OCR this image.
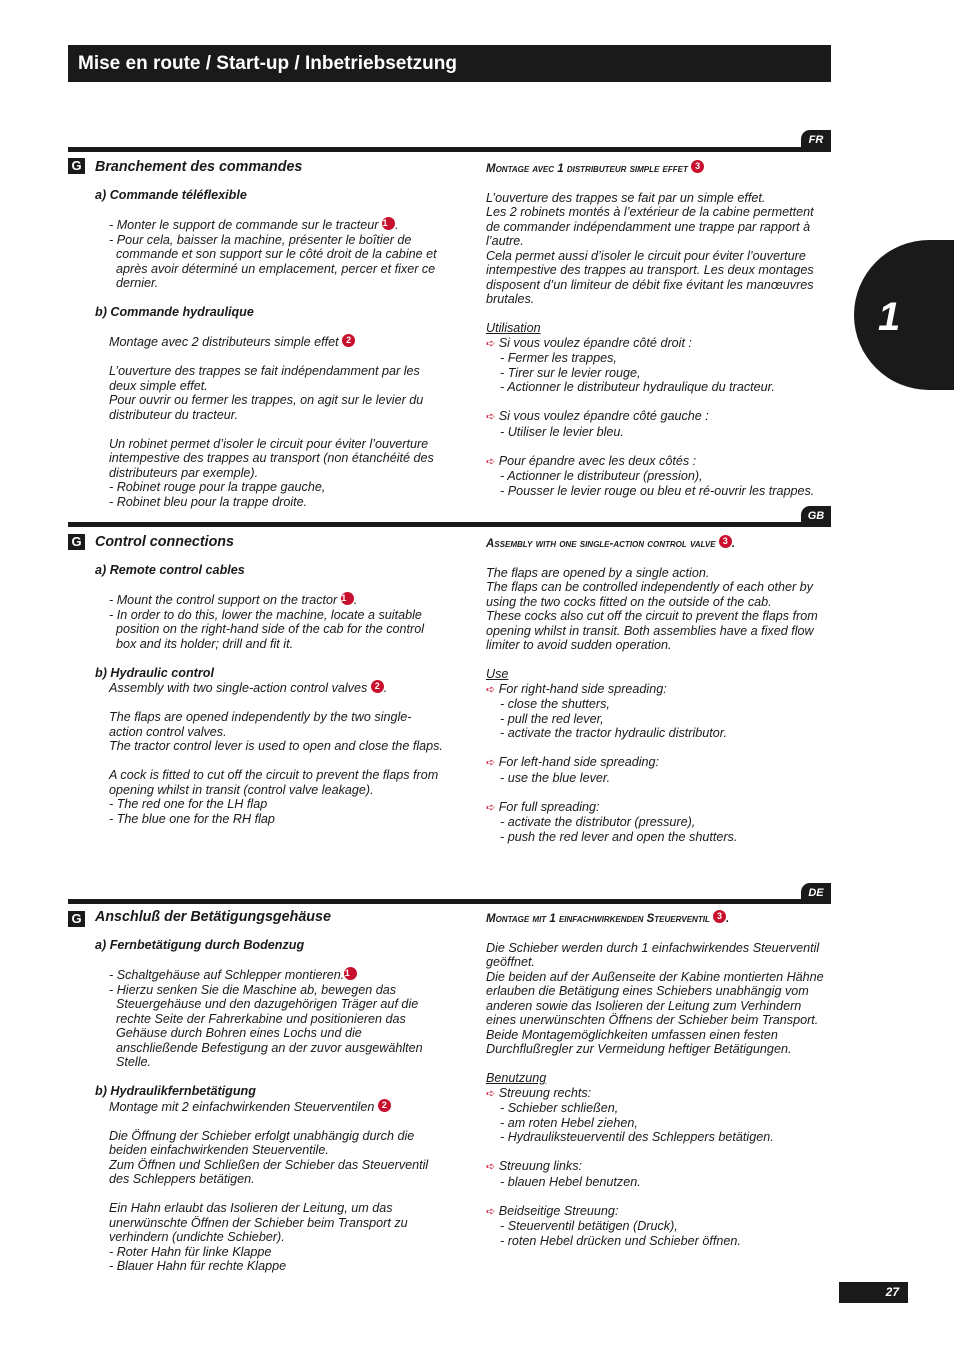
Mise en route / Start-up / Inbetriebsetzung
1
FR
G Branchement des commandes
a) Commande téléflexible
- Monter le support de commande sur le tracteur 1 .
- Pour cela, baisser la machine, présenter le boîtier de commande et son support sur le côté droit de la cabine et après avoir déterminé un emplacement, percer et fixer ce dernier.
b) Commande hydraulique
Montage avec 2 distributeurs simple effet 2
L’ouverture des trappes se fait indépendamment par les deux simple effet.
Pour ouvrir ou fermer les trappes, on agit sur le levier du distributeur du tracteur.
Un robinet permet d’isoler le circuit pour éviter l’ouverture intempestive des trappes au transport (non étanchéité des distributeurs par exemple).
- Robinet rouge pour la trappe gauche,
- Robinet bleu pour la trappe droite.
Montage avec 1 distributeur simple effet 3
L’ouverture des trappes se fait par un simple effet.
Les 2 robinets montés à l’extérieur de la cabine permettent de commander indépendamment une trappe par rapport à l’autre.
Cela permet aussi d’isoler le circuit pour éviter l’ouverture intempestive des trappes au transport. Les deux montages disposent d’un limiteur de débit fixe évitant les manœuvres brutales.
Utilisation
➪ Si vous voulez épandre côté droit :
- Fermer les trappes,
- Tirer sur le levier rouge,
- Actionner le distributeur hydraulique du tracteur.
➪ Si vous voulez épandre côté gauche :
- Utiliser le levier bleu.
➪ Pour épandre avec les deux côtés :
- Actionner le distributeur (pression),
- Pousser le levier rouge ou bleu et ré-ouvrir les trappes.
GB
G Control connections
a) Remote control cables
- Mount the control support on the tractor 1 .
- In order to do this, lower the machine, locate a suitable position on the right-hand side of the cab for the control box and its holder; drill and fit it.
b) Hydraulic control
Assembly with two single-action control valves 2 .
The flaps are opened independently by the two single-action control valves.
The tractor control lever is used to open and close the flaps.
A cock is fitted to cut off the circuit to prevent the flaps from opening whilst in transit (control valve leakage).
- The red one for the LH flap
- The blue one for the RH flap
Assembly with one single-action control valve 3 .
The flaps are opened by a single action.
The flaps can be controlled independently of each other by using the two cocks fitted on the outside of the cab.
These cocks also cut off the circuit to prevent the flaps from opening whilst in transit. Both assemblies have a fixed flow limiter to avoid sudden operation.
Use
➪ For right-hand side spreading:
- close the shutters,
- pull the red lever,
- activate the tractor hydraulic distributor.
➪ For left-hand side spreading:
- use the blue lever.
➪ For full spreading:
- activate the distributor (pressure),
- push the red lever and open the shutters.
DE
G Anschluß der Betätigungsgehäuse
a) Fernbetätigung durch Bodenzug
- Schaltgehäuse auf Schlepper montieren.1
- Hierzu senken Sie die Maschine ab, bewegen das Steuergehäuse und den dazugehörigen Träger auf die rechte Seite der Fahrerkabine und positionieren das Gehäuse durch Bohren eines Lochs und die anschließende Befestigung an der zuvor ausgewählten Stelle.
b) Hydraulikfernbetätigung
Montage mit 2 einfachwirkenden Steuerventilen 2
Die Öffnung der Schieber erfolgt unabhängig durch die beiden einfachwirkenden Steuerventile.
Zum Öffnen und Schließen der Schieber das Steuerventil des Schleppers betätigen.
Ein Hahn erlaubt das Isolieren der Leitung, um das unerwünschte Öffnen der Schieber beim Transport zu verhindern (undichte Schieber).
- Roter Hahn für linke Klappe
- Blauer Hahn für rechte Klappe
Montage mit 1 einfachwirkenden Steuerventil 3 .
Die Schieber werden durch 1 einfachwirkendes Steuerventil geöffnet.
Die beiden auf der Außenseite der Kabine montierten Hähne erlauben die Betätigung eines Schiebers unabhängig vom anderen sowie das Isolieren der Leitung zum Verhindern eines unerwünschten Öffnens der Schieber beim Transport.
Beide Montagemöglichkeiten umfassen einen festen Durchflußregler zur Vermeidung heftiger Betätigungen.
Benutzung
➪ Streuung rechts:
- Schieber schließen,
- am roten Hebel ziehen,
- Hydrauliksteuerventil des Schleppers betätigen.
➪ Streuung links:
- blauen Hebel benutzen.
➪ Beidseitige Streuung:
- Steuerventil betätigen (Druck),
- roten Hebel drücken und Schieber öffnen.
27
